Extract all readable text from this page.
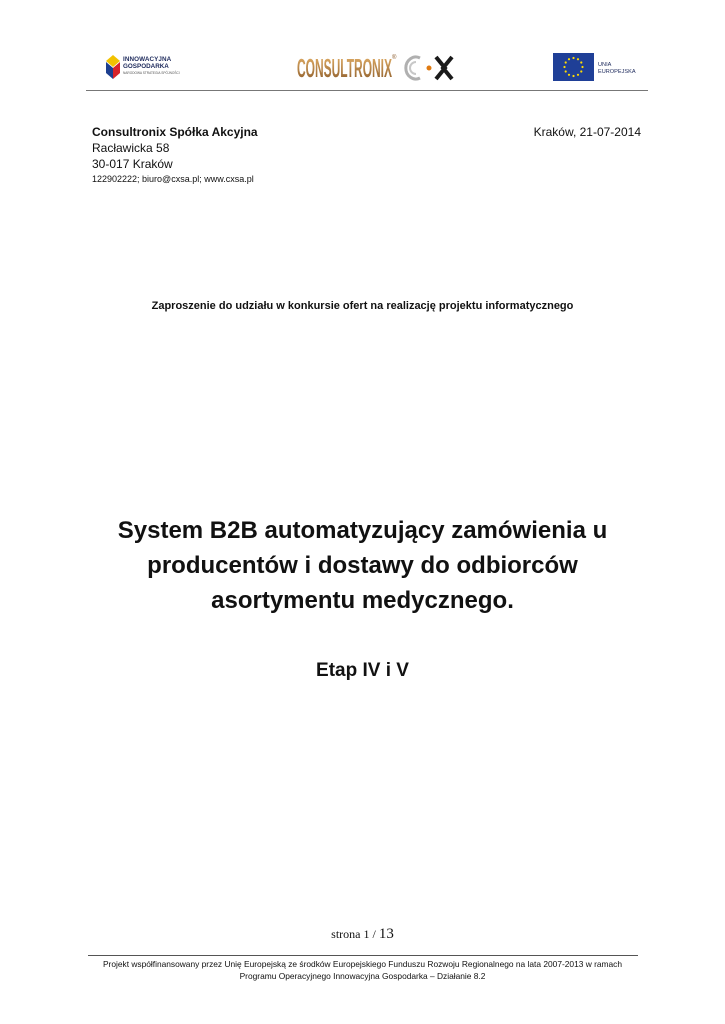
INNOWACYJNA
GOSPODARKA
NARODOWA STRATEGIA SPÓJNOŚCI	CONSULTRONIX ®
UNIA
EUROPEJSKA
Consultronix Spółka Akcyjna
Racławicka 58
30-017 Kraków
122902222; biuro@cxsa.pl; www.cxsa.pl
Kraków, 21-07-2014
Zaproszenie do udziału w konkursie ofert na realizację projektu informatycznego
System B2B automatyzujący zamówienia u
producentów i dostawy do odbiorców
asortymentu medycznego.
Etap IV i V
strona 1 / 13
Projekt współfinansowany przez Unię Europejską ze środków Europejskiego Funduszu Rozwoju Regionalnego na lata 2007-2013 w ramach
Programu Operacyjnego Innowacyjna Gospodarka – Działanie 8.2
